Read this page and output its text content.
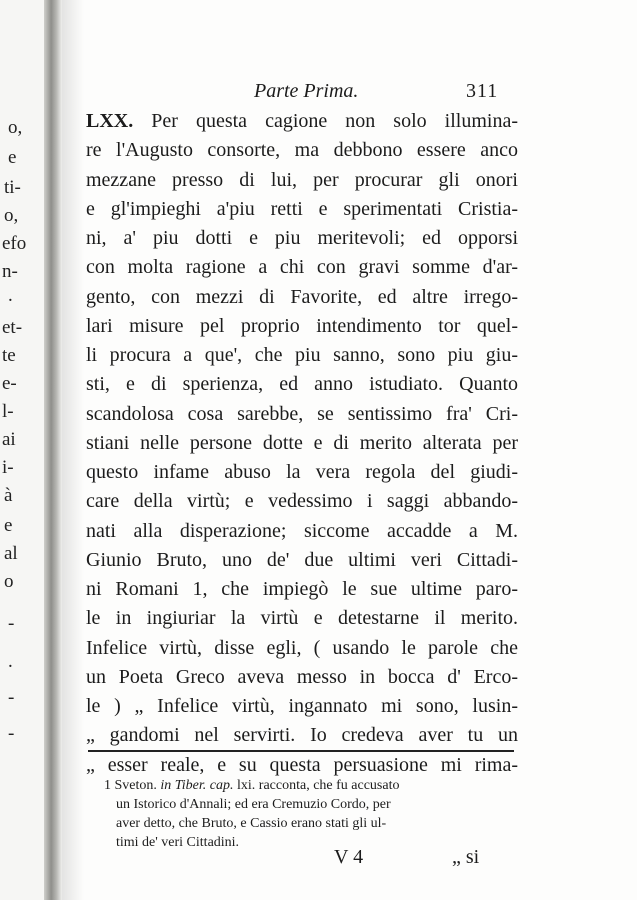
o,
e
ti-
o,
efo
n-
.
et-
te
e-
l-
ai
i-
à
e
al
o
-
.
-
-
Parte Prima.	311
LXX. Per questa cagione non solo illumina-
re l'Augusto consorte, ma debbono essere anco
mezzane presso di lui, per procurar gli onori
e gl'impieghi a'piu retti e sperimentati Cristia-
ni, a' piu dotti e piu meritevoli; ed opporsi
con molta ragione a chi con gravi somme d'ar-
gento, con mezzi di Favorite, ed altre irrego-
lari misure pel proprio intendimento tor quel-
li procura a que', che piu sanno, sono piu giu-
sti, e di sperienza, ed anno istudiato. Quanto
scandolosa cosa sarebbe, se sentissimo fra' Cri-
stiani nelle persone dotte e di merito alterata per
questo infame abuso la vera regola del giudi-
care della virtù; e vedessimo i saggi abbando-
nati alla disperazione; siccome accadde a M.
Giunio Bruto, uno de' due ultimi veri Cittadi-
ni Romani 1, che impiegò le sue ultime paro-
le in ingiuriar la virtù e detestarne il merito.
Infelice virtù, disse egli, ( usando le parole che
un Poeta Greco aveva messo in bocca d' Erco-
le ) „ Infelice virtù, ingannato mi sono, lusin-
„ gandomi nel servirti. Io credeva aver tu un
„ esser reale, e su questa persuasione mi rima-
1 Sveton. in Tiber. cap. lxi. racconta, che fu accusato
un Istorico d'Annali; ed era Cremuzio Cordo, per
aver detto, che Bruto, e Cassio erano stati gli ul-
timi de' veri Cittadini.
V 4	„ si
